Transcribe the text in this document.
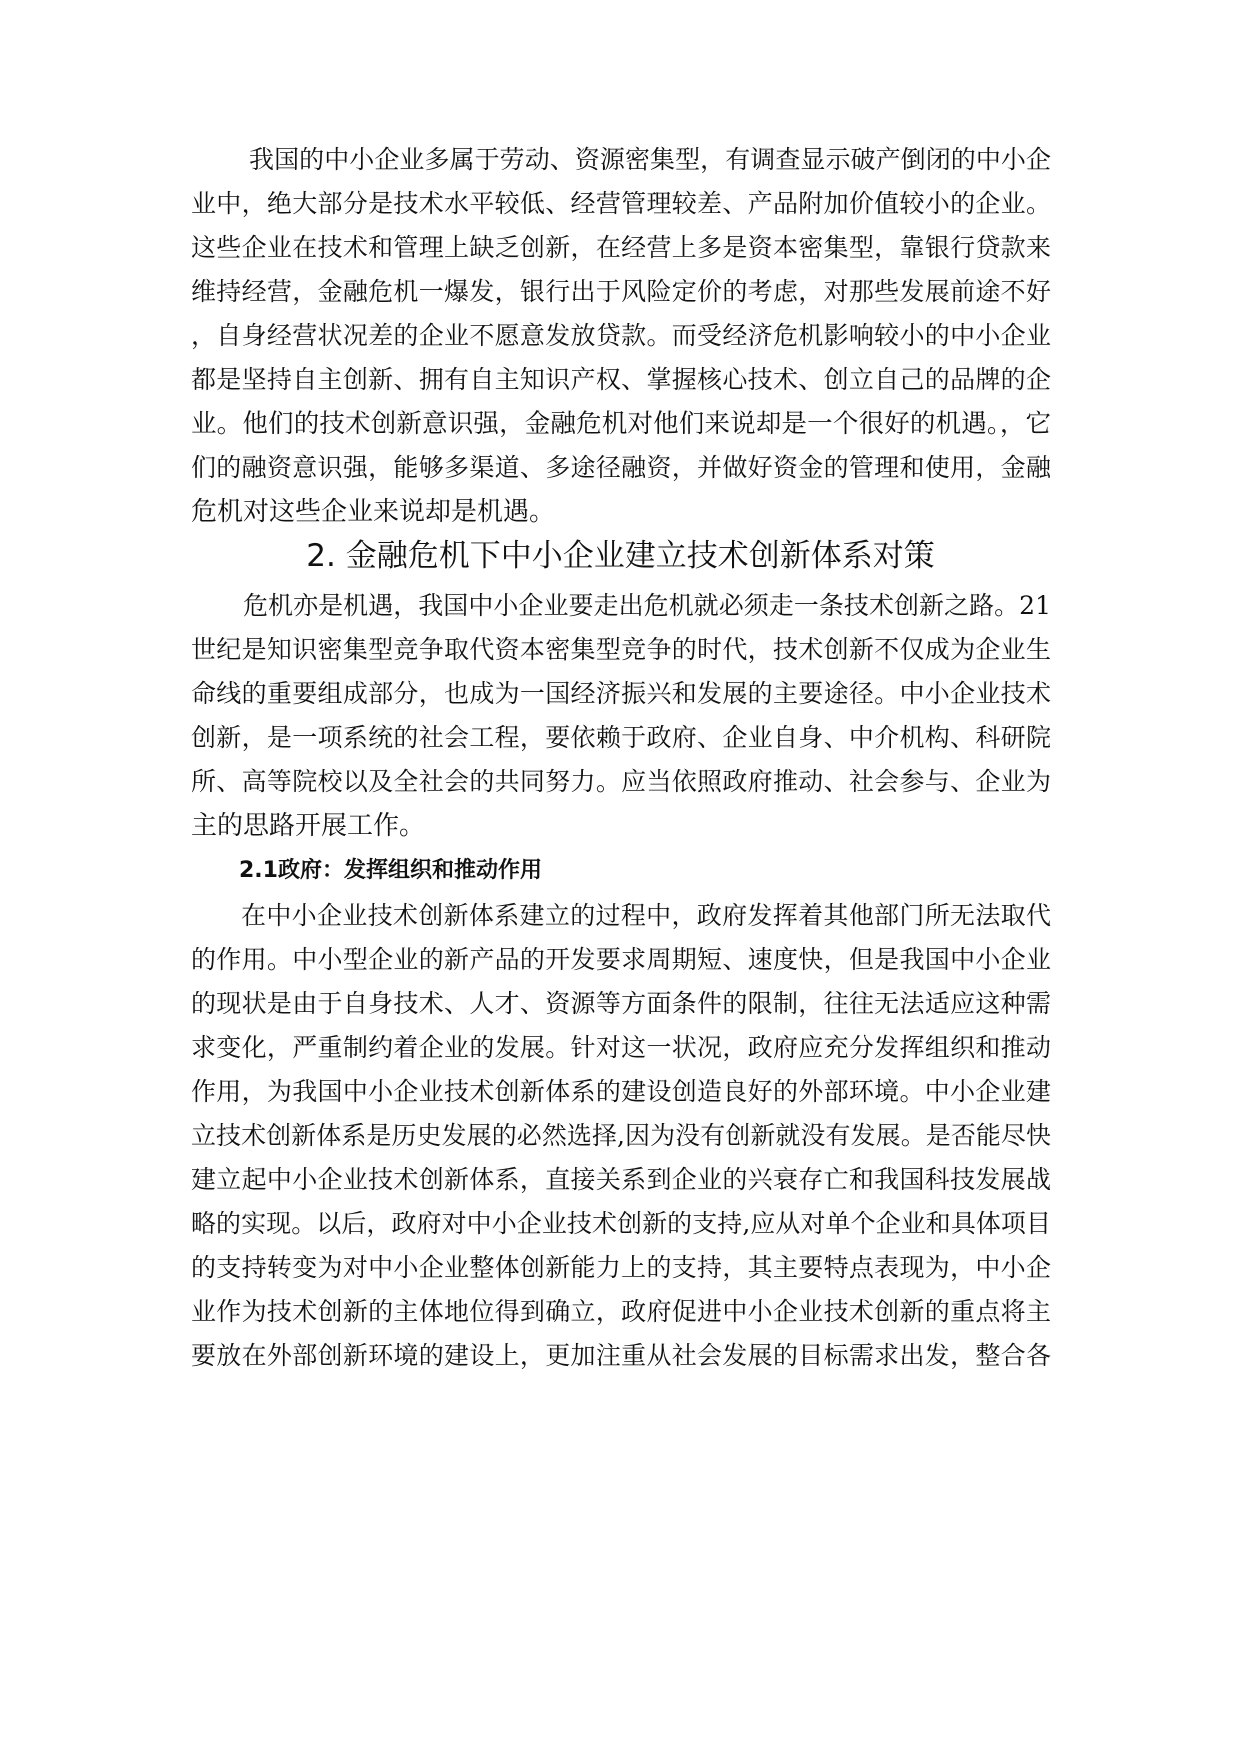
我国的中小企业多属于劳动、资源密集型，有调查显示破产倒闭的中小企
业中，绝大部分是技术水平较低、经营管理较差、产品附加价值较小的企业。
这些企业在技术和管理上缺乏创新，在经营上多是资本密集型，靠银行贷款来
维持经营，金融危机一爆发，银行出于风险定价的考虑，对那些发展前途不好
，自身经营状况差的企业不愿意发放贷款。而受经济危机影响较小的中小企业
都是坚持自主创新、拥有自主知识产权、掌握核心技术、创立自己的品牌的企
业。他们的技术创新意识强，金融危机对他们来说却是一个很好的机遇。，它
们的融资意识强，能够多渠道、多途径融资，并做好资金的管理和使用，金融
危机对这些企业来说却是机遇。
2. 金融危机下中小企业建立技术创新体系对策
危机亦是机遇，我国中小企业要走出危机就必须走一条技术创新之路。21
世纪是知识密集型竞争取代资本密集型竞争的时代，技术创新不仅成为企业生
命线的重要组成部分，也成为一国经济振兴和发展的主要途径。中小企业技术
创新，是一项系统的社会工程，要依赖于政府、企业自身、中介机构、科研院
所、高等院校以及全社会的共同努力。应当依照政府推动、社会参与、企业为
主的思路开展工作。
2.1政府：发挥组织和推动作用
在中小企业技术创新体系建立的过程中，政府发挥着其他部门所无法取代
的作用。中小型企业的新产品的开发要求周期短、速度快，但是我国中小企业
的现状是由于自身技术、人才、资源等方面条件的限制，往往无法适应这种需
求变化，严重制约着企业的发展。针对这一状况，政府应充分发挥组织和推动
作用，为我国中小企业技术创新体系的建设创造良好的外部环境。中小企业建
立技术创新体系是历史发展的必然选择,因为没有创新就没有发展。是否能尽快
建立起中小企业技术创新体系，直接关系到企业的兴衰存亡和我国科技发展战
略的实现。以后，政府对中小企业技术创新的支持,应从对单个企业和具体项目
的支持转变为对中小企业整体创新能力上的支持，其主要特点表现为，中小企
业作为技术创新的主体地位得到确立，政府促进中小企业技术创新的重点将主
要放在外部创新环境的建设上，更加注重从社会发展的目标需求出发，整合各
